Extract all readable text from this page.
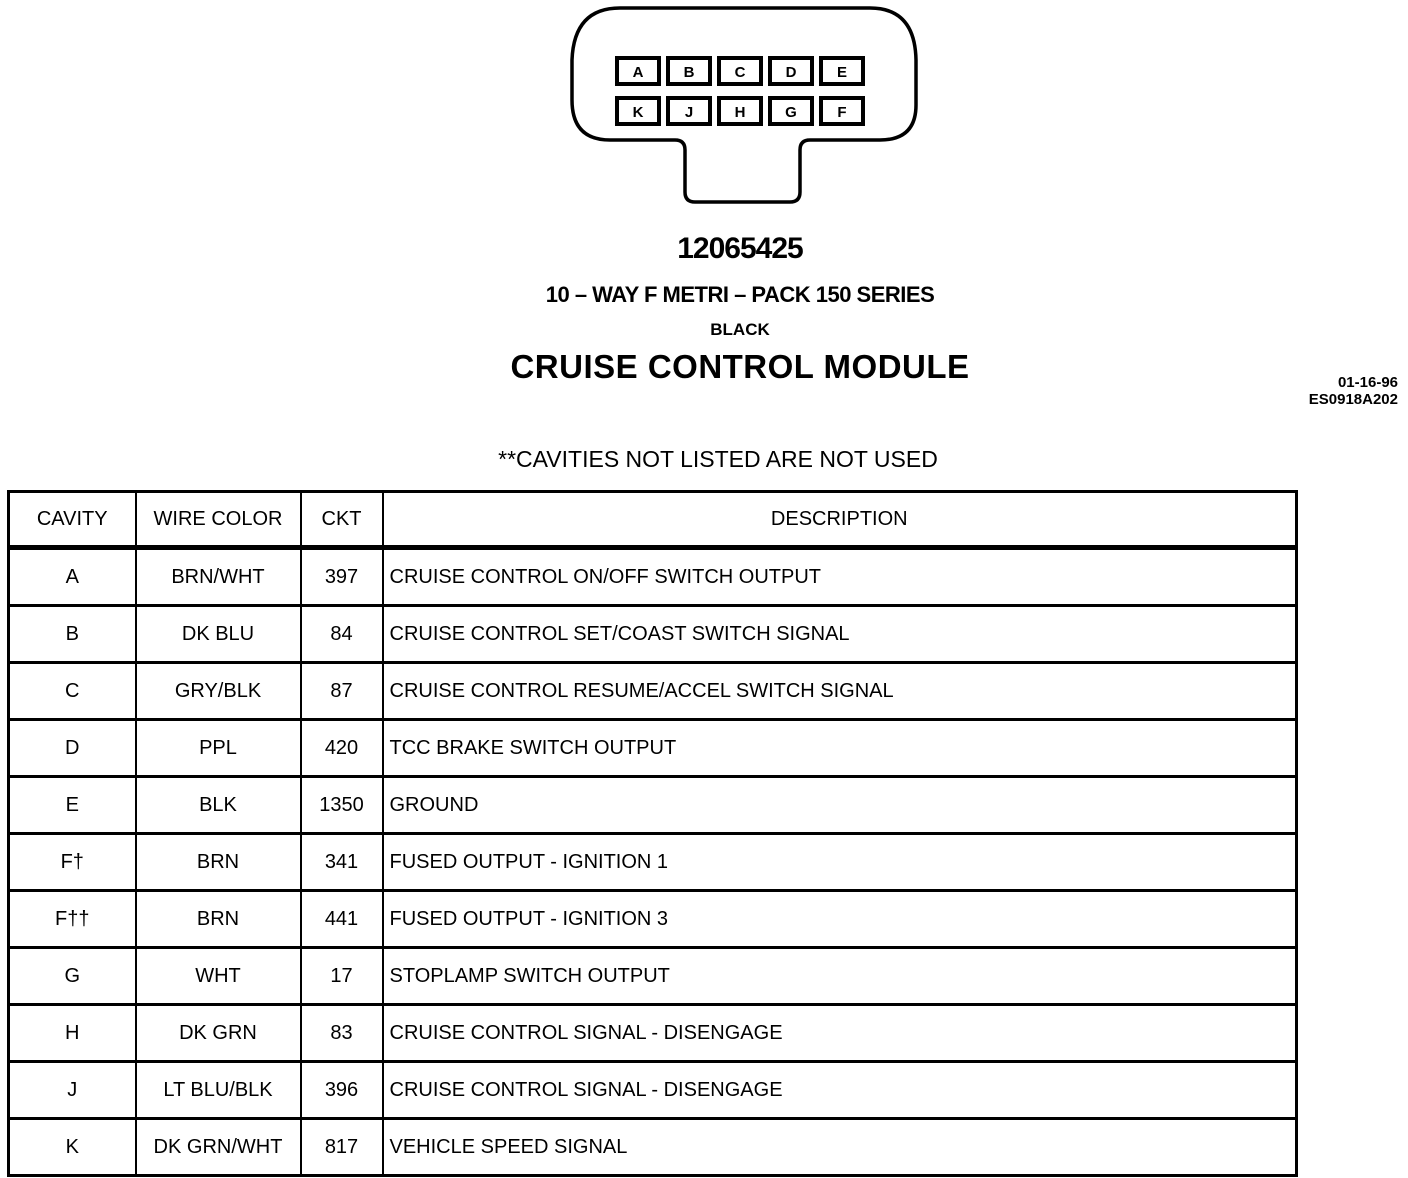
A	B	C	D	E
K	J	H	G	F
12065425
10 – WAY F METRI – PACK 150 SERIES
BLACK
CRUISE CONTROL MODULE	01-16-96
ES0918A202
**CAVITIES NOT LISTED ARE NOT USED
CAVITY	WIRE COLOR	CKT	DESCRIPTION
A	BRN/WHT	397	CRUISE CONTROL ON/OFF SWITCH OUTPUT
B	DK BLU	84	CRUISE CONTROL SET/COAST SWITCH SIGNAL
C	GRY/BLK	87	CRUISE CONTROL RESUME/ACCEL SWITCH SIGNAL
D	PPL	420	TCC BRAKE SWITCH OUTPUT
E	BLK	1350	GROUND
F†	BRN	341	FUSED OUTPUT - IGNITION 1
F††	BRN	441	FUSED OUTPUT - IGNITION 3
G	WHT	17	STOPLAMP SWITCH OUTPUT
H	DK GRN	83	CRUISE CONTROL SIGNAL - DISENGAGE
J	LT BLU/BLK	396	CRUISE CONTROL SIGNAL - DISENGAGE
K	DK GRN/WHT	817	VEHICLE SPEED SIGNAL
